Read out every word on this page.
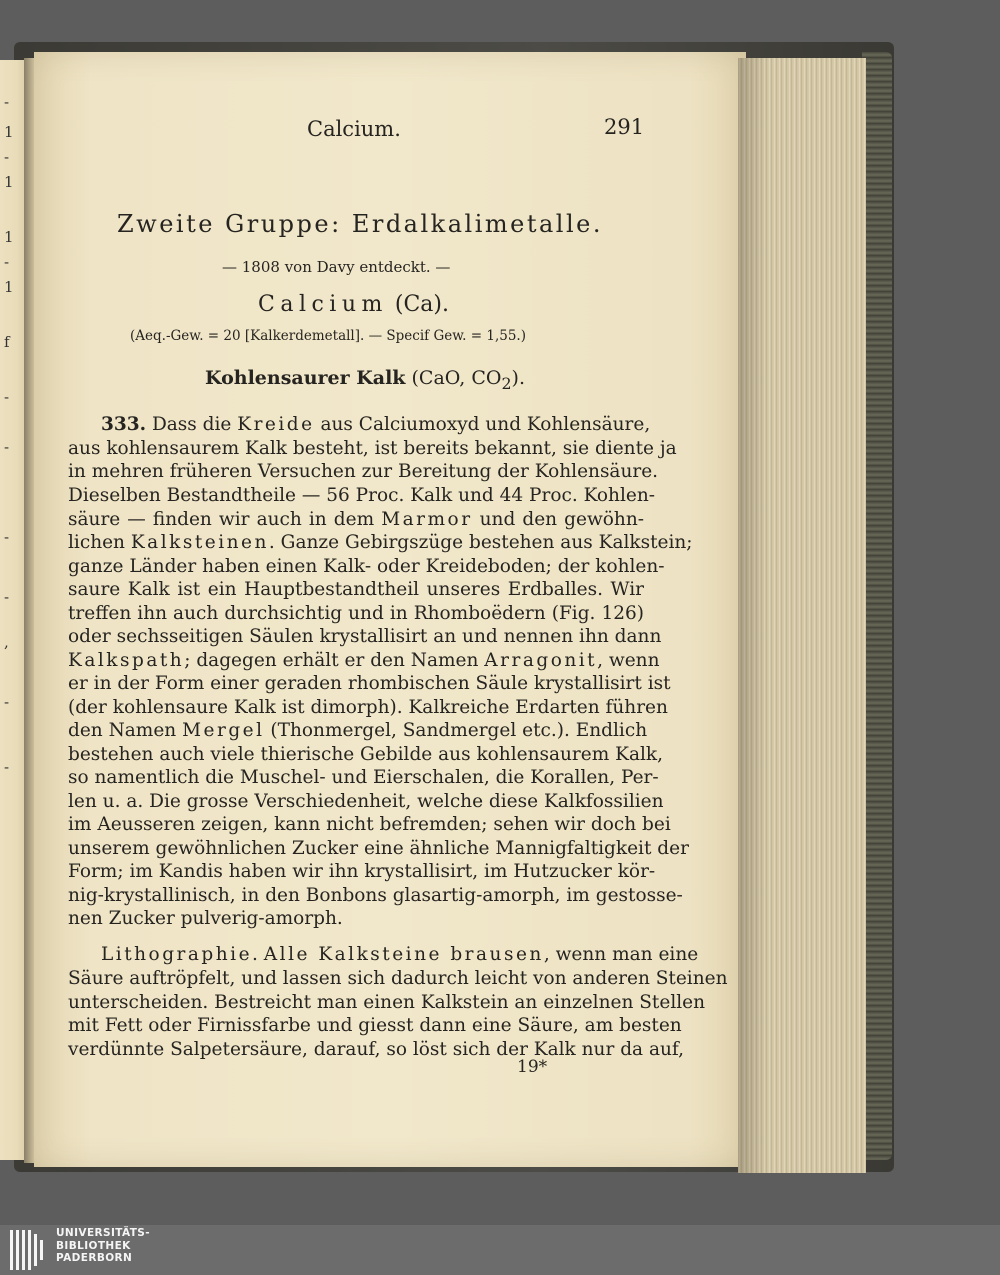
-
1
-
1
1
-
1
f
-
-
-
-
,
-
-
Calcium.	291
Zweite Gruppe: Erdalkalimetalle.
— 1808 von Davy entdeckt. —
Calcium (Ca).
(Aeq.-Gew. = 20 [Kalkerdemetall]. — Specif Gew. = 1,55.)
Kohlensaurer Kalk (CaO, $CO_2$).
333. Dass die Kreide aus Calciumoxyd und Kohlensäure,
aus kohlensaurem Kalk besteht, ist bereits bekannt, sie diente ja
in mehren früheren Versuchen zur Bereitung der Kohlensäure.
Dieselben Bestandtheile — 56 Proc. Kalk und 44 Proc. Kohlen-
säure — finden wir auch in dem Marmor und den gewöhn-
lichen Kalksteinen. Ganze Gebirgszüge bestehen aus Kalkstein;
ganze Länder haben einen Kalk- oder Kreideboden; der kohlen-
saure Kalk ist ein Hauptbestandtheil unseres Erdballes. Wir
treffen ihn auch durchsichtig und in Rhomboëdern (Fig. 126)
oder sechsseitigen Säulen krystallisirt an und nennen ihn dann
Kalkspath; dagegen erhält er den Namen Arragonit, wenn
er in der Form einer geraden rhombischen Säule krystallisirt ist
(der kohlensaure Kalk ist dimorph). Kalkreiche Erdarten führen
den Namen Mergel (Thonmergel, Sandmergel etc.). Endlich
bestehen auch viele thierische Gebilde aus kohlensaurem Kalk,
so namentlich die Muschel- und Eierschalen, die Korallen, Per-
len u. a. Die grosse Verschiedenheit, welche diese Kalkfossilien
im Aeusseren zeigen, kann nicht befremden; sehen wir doch bei
unserem gewöhnlichen Zucker eine ähnliche Mannigfaltigkeit der
Form; im Kandis haben wir ihn krystallisirt, im Hutzucker kör-
nig-krystallinisch, in den Bonbons glasartig-amorph, im gestosse-
nen Zucker pulverig-amorph.
Lithographie. Alle Kalksteine brausen, wenn man eine
Säure auftröpfelt, und lassen sich dadurch leicht von anderen Steinen
unterscheiden. Bestreicht man einen Kalkstein an einzelnen Stellen
mit Fett oder Firnissfarbe und giesst dann eine Säure, am besten
verdünnte Salpetersäure, darauf, so löst sich der Kalk nur da auf,
19*
UNIVERSITÄTS-
BIBLIOTHEK
PADERBORN
